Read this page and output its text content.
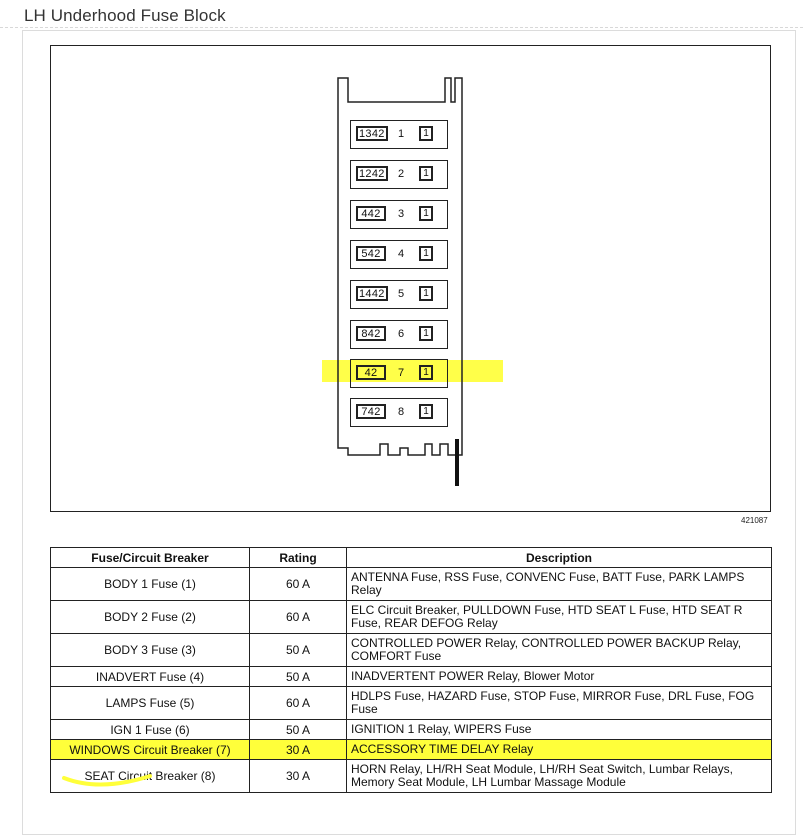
LH Underhood Fuse Block
1342 1	1
1242 2	1
442	3	1
542	4	1
1442 5	1
842	6	1
42	7	1
742	8	1
421087
Fuse/Circuit Breaker	Rating	Description
BODY 1 Fuse (1)	60 A	ANTENNA Fuse, RSS Fuse, CONVENC Fuse, BATT Fuse, PARK LAMPS Relay
BODY 2 Fuse (2)	60 A	ELC Circuit Breaker, PULLDOWN Fuse, HTD SEAT L Fuse, HTD SEAT R Fuse, REAR DEFOG Relay
BODY 3 Fuse (3)	50 A	CONTROLLED POWER Relay, CONTROLLED POWER BACKUP Relay, COMFORT Fuse
INADVERT Fuse (4)	50 A	INADVERTENT POWER Relay, Blower Motor
LAMPS Fuse (5)	60 A	HDLPS Fuse, HAZARD Fuse, STOP Fuse, MIRROR Fuse, DRL Fuse, FOG Fuse
IGN 1 Fuse (6)	50 A	IGNITION 1 Relay, WIPERS Fuse
WINDOWS Circuit Breaker (7)	30 A	ACCESSORY TIME DELAY Relay
SEAT Circuit Breaker (8)	30 A	HORN Relay, LH/RH Seat Module, LH/RH Seat Switch, Lumbar Relays, Memory Seat Module, LH Lumbar Massage Module
